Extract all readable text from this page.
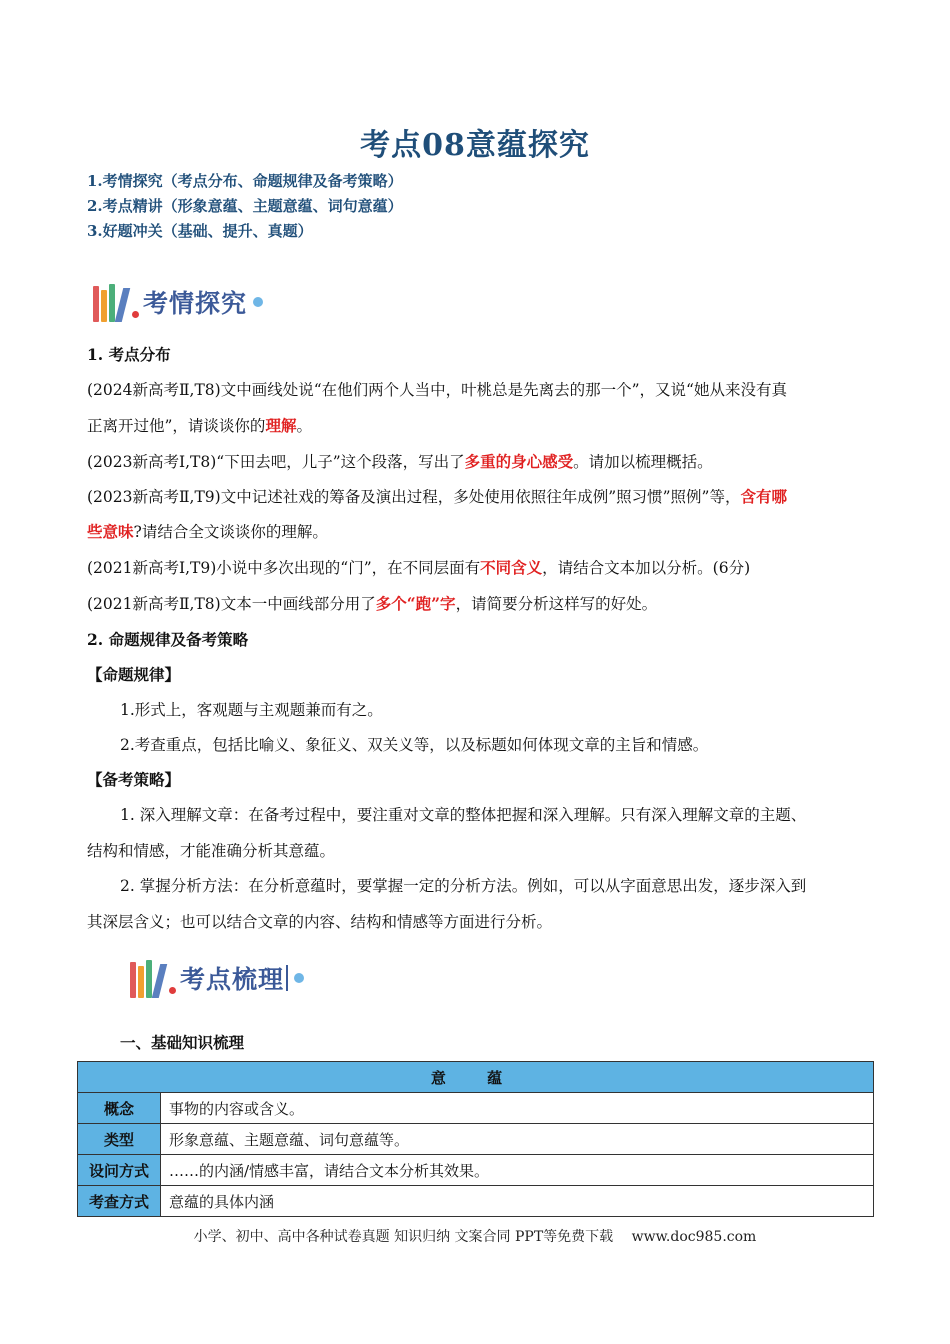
考点08意蕴探究
1.考情探究（考点分布、命题规律及备考策略）
2.考点精讲（形象意蕴、主题意蕴、词句意蕴）
3.好题冲关（基础、提升、真题）
考情探究
1. 考点分布
(2024新高考Ⅱ,T8)文中画线处说“在他们两个人当中，叶桃总是先离去的那一个”，又说“她从来没有真
正离开过他”，请谈谈你的理解。
(2023新高考I,T8)“下田去吧，儿子”这个段落，写出了多重的身心感受。请加以梳理概括。
(2023新高考Ⅱ,T9)文中记述社戏的筹备及演出过程，多处使用依照往年成例”照习惯”照例”等，含有哪
些意味?请结合全文谈谈你的理解。
(2021新高考I,T9)小说中多次出现的“门”，在不同层面有不同含义，请结合文本加以分析。(6分)
(2021新高考Ⅱ,T8)文本一中画线部分用了多个“跑”字，请简要分析这样写的好处。
2. 命题规律及备考策略
【命题规律】
1.形式上，客观题与主观题兼而有之。
2.考查重点，包括比喻义、象征义、双关义等，以及标题如何体现文章的主旨和情感。
【备考策略】
1. 深入理解文章：在备考过程中，要注重对文章的整体把握和深入理解。只有深入理解文章的主题、
结构和情感，才能准确分析其意蕴。
2. 掌握分析方法：在分析意蕴时，要掌握一定的分析方法。例如，可以从字面意思出发，逐步深入到
其深层含义；也可以结合文章的内容、结构和情感等方面进行分析。
考点梳理
一、基础知识梳理
意 蕴	
概念	事物的内容或含义。
类型	形象意蕴、主题意蕴、词句意蕴等。
设问方式	……的内涵/情感丰富，请结合文本分析其效果。
考查方式	意蕴的具体内涵
小学、初中、高中各种试卷真题 知识归纳 文案合同 PPT等免费下载　 www.doc985.com
